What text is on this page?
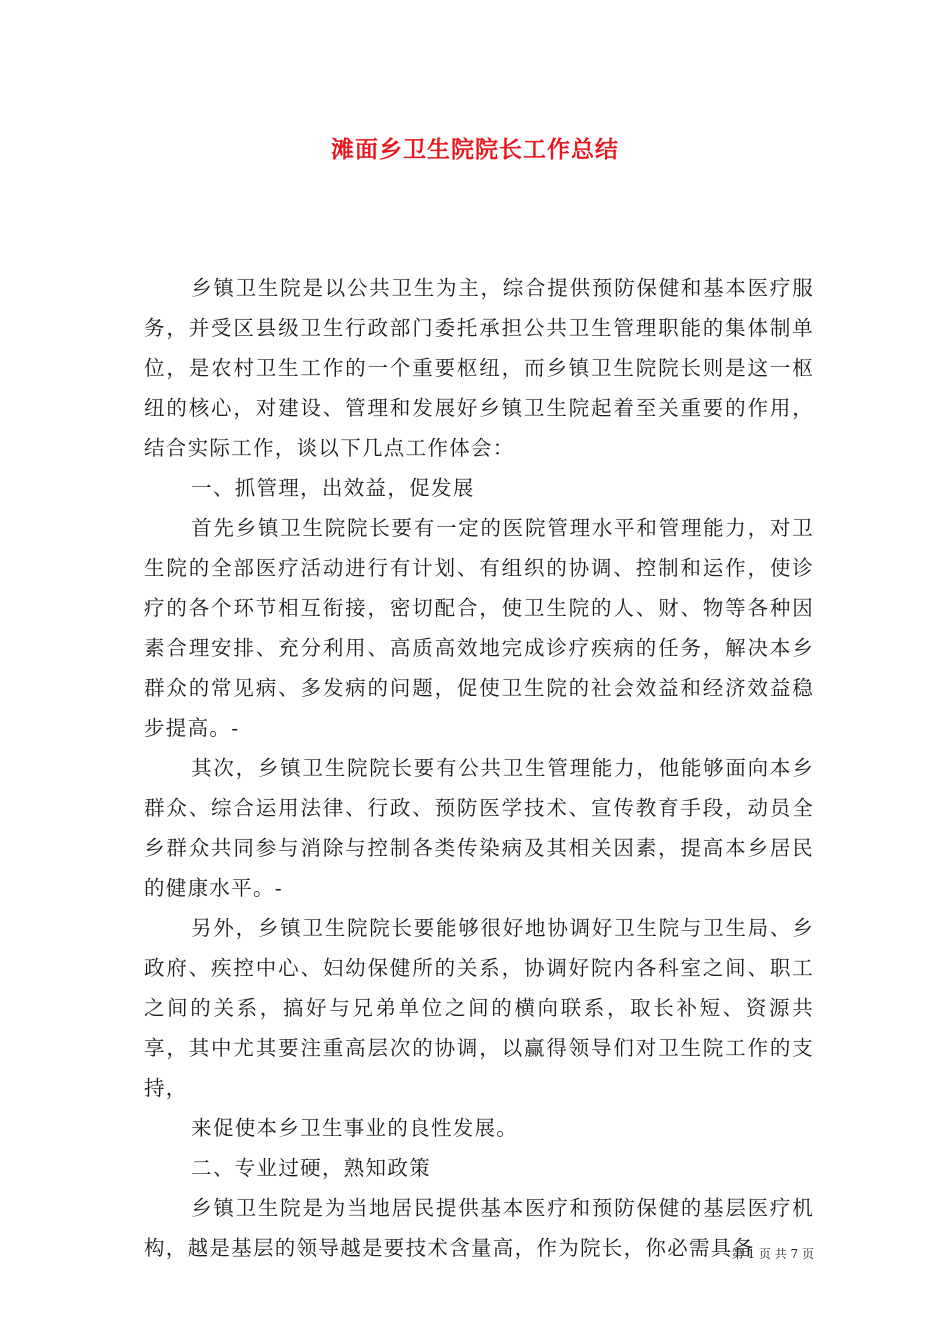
滩面乡卫生院院长工作总结

乡镇卫生院是以公共卫生为主，综合提供预防保健和基本医疗服务，并受区县级卫生行政部门委托承担公共卫生管理职能的集体制单位，是农村卫生工作的一个重要枢纽，而乡镇卫生院院长则是这一枢纽的核心，对建设、管理和发展好乡镇卫生院起着至关重要的作用，结合实际工作，谈以下几点工作体会：

一、抓管理，出效益，促发展

首先乡镇卫生院院长要有一定的医院管理水平和管理能力，对卫生院的全部医疗活动进行有计划、有组织的协调、控制和运作，使诊疗的各个环节相互衔接，密切配合，使卫生院的人、财、物等各种因素合理安排、充分利用、高质高效地完成诊疗疾病的任务，解决本乡群众的常见病、多发病的问题，促使卫生院的社会效益和经济效益稳步提高。-

其次，乡镇卫生院院长要有公共卫生管理能力，他能够面向本乡群众、综合运用法律、行政、预防医学技术、宣传教育手段，动员全乡群众共同参与消除与控制各类传染病及其相关因素，提高本乡居民的健康水平。-

另外，乡镇卫生院院长要能够很好地协调好卫生院与卫生局、乡政府、疾控中心、妇幼保健所的关系，协调好院内各科室之间、职工之间的关系，搞好与兄弟单位之间的横向联系，取长补短、资源共享，其中尤其要注重高层次的协调，以赢得领导们对卫生院工作的支持，

来促使本乡卫生事业的良性发展。

二、专业过硬，熟知政策

乡镇卫生院是为当地居民提供基本医疗和预防保健的基层医疗机构，越是基层的领导越是要技术含量高，作为院长，你必需具备

第 1 页 共 7 页
